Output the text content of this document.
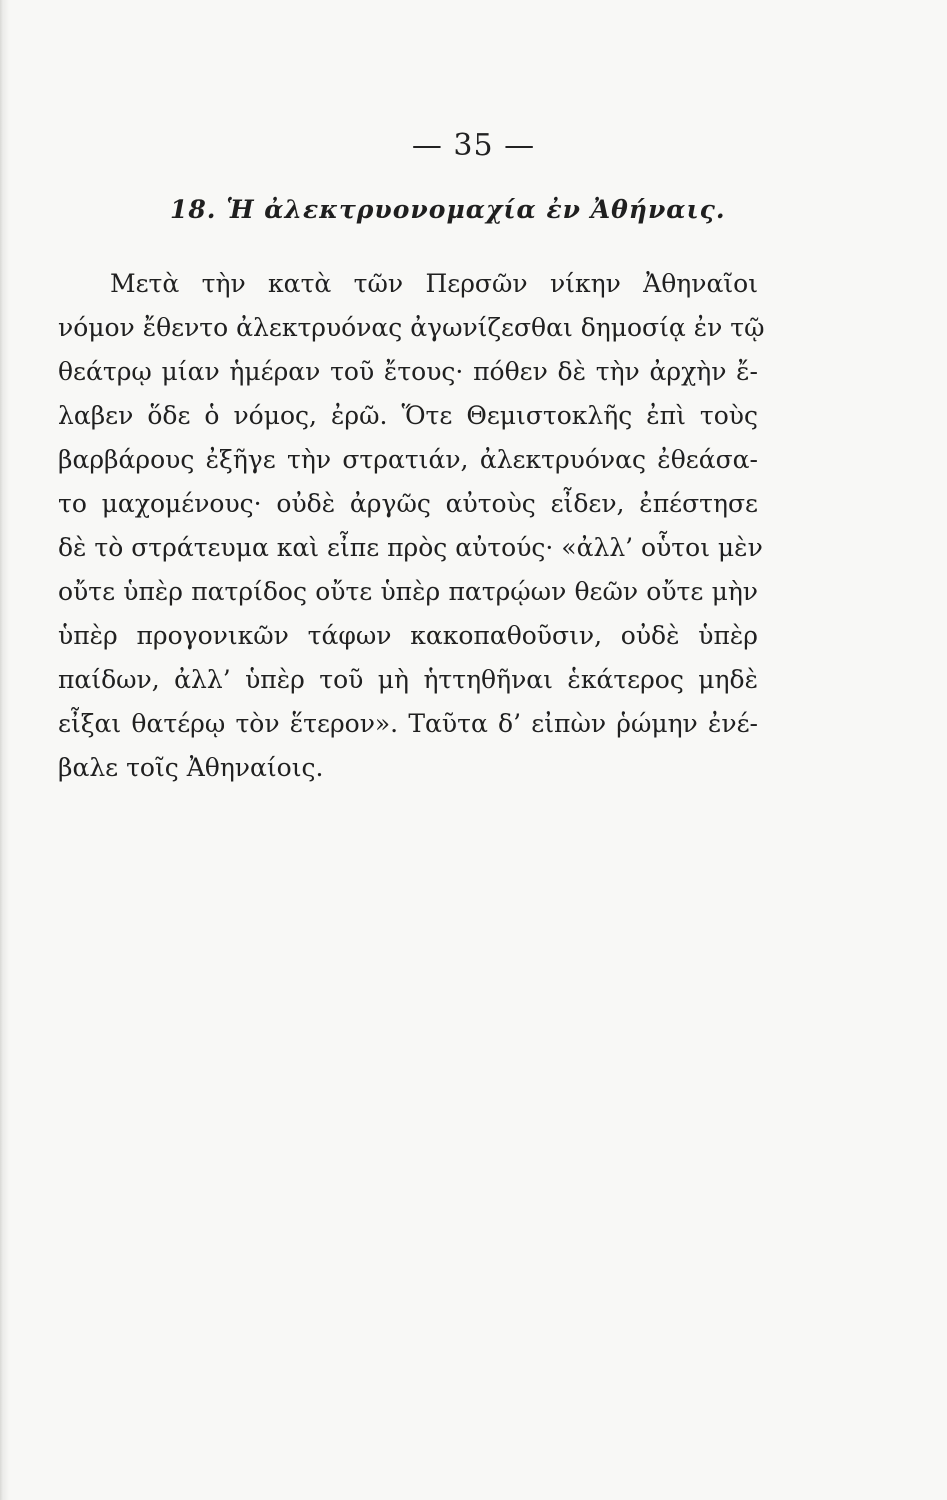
— 35 —
18. Ἡ ἀλεκτρυονομαχία ἐν Ἀθήναις.
Μετὰ τὴν κατὰ τῶν Περσῶν νίκην Ἀθηναῖοι
νόμον ἔθεντο ἀλεκτρυόνας ἀγωνίζεσθαι δημοσίᾳ ἐν τῷ
θεάτρῳ μίαν ἡμέραν τοῦ ἔτους· πόθεν δὲ τὴν ἀρχὴν ἔ-
λαβεν ὅδε ὁ νόμος, ἐρῶ. Ὅτε Θεμιστοκλῆς ἐπὶ τοὺς
βαρβάρους ἐξῆγε τὴν στρατιάν, ἀλεκτρυόνας ἐθεάσα-
το μαχομένους· οὐδὲ ἀργῶς αὐτοὺς εἶδεν, ἐπέστησε
δὲ τὸ στράτευμα καὶ εἶπε πρὸς αὐτούς· «ἀλλ’ οὗτοι μὲν
οὔτε ὑπὲρ πατρίδος οὔτε ὑπὲρ πατρῴων θεῶν οὔτε μὴν
ὑπὲρ προγονικῶν τάφων κακοπαθοῦσιν, οὐδὲ ὑπὲρ
παίδων, ἀλλ’ ὑπὲρ τοῦ μὴ ἡττηθῆναι ἑκάτερος μηδὲ
εἶξαι θατέρῳ τὸν ἕτερον». Ταῦτα δ’ εἰπὼν ῥώμην ἐνέ-
βαλε τοῖς Ἀθηναίοις.
